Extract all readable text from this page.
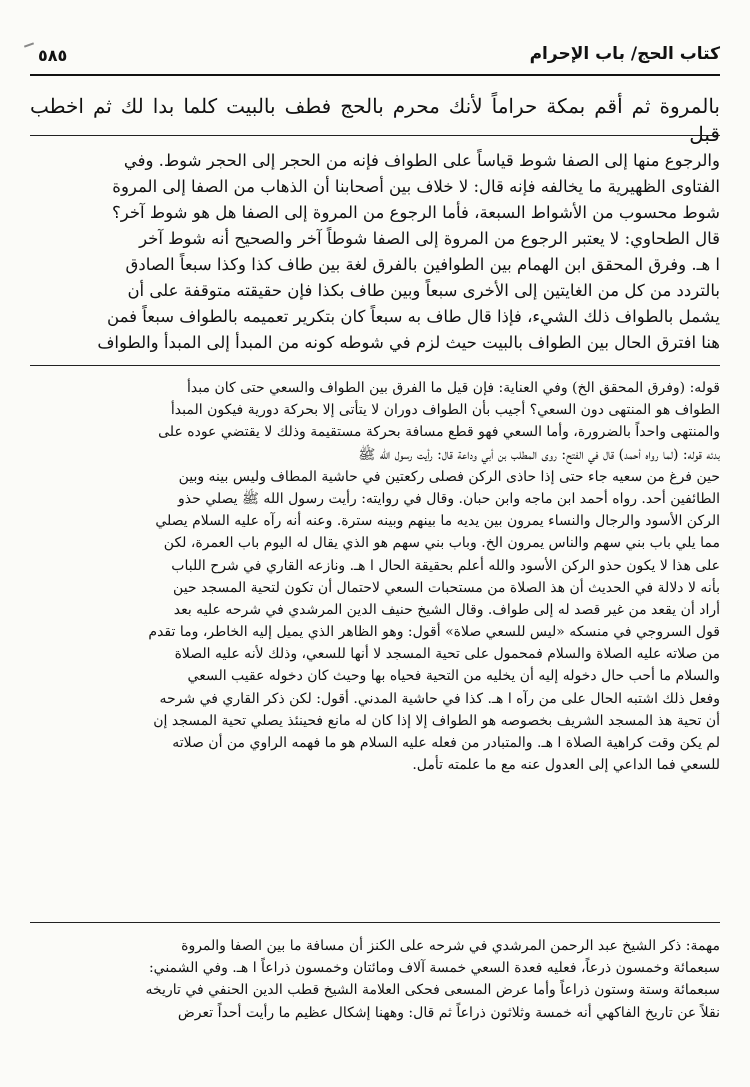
٥٨٥	كتاب الحج/ باب الإحرام
بالمروة ثم أقم بمكة حراماً لأنك محرم بالحج فطف بالبيت كلما بدا لك ثم اخطب قبل
والرجوع منها إلى الصفا شوط قياساً على الطواف فإنه من الحجر إلى الحجر شوط. وفي
الفتاوى الظهيرية ما يخالفه فإنه قال: لا خلاف بين أصحابنا أن الذهاب من الصفا إلى المروة
شوط محسوب من الأشواط السبعة، فأما الرجوع من المروة إلى الصفا هل هو شوط آخر؟
قال الطحاوي: لا يعتبر الرجوع من المروة إلى الصفا شوطاً آخر والصحيح أنه شوط آخر
ا هـ. وفرق المحقق ابن الهمام بين الطوافين بالفرق لغة بين طاف كذا وكذا سبعاً الصادق
بالتردد من كل من الغايتين إلى الأخرى سبعاً وبين طاف بكذا فإن حقيقته متوقفة على أن
يشمل بالطواف ذلك الشيء، فإذا قال طاف به سبعاً كان بتكرير تعميمه بالطواف سبعاً فمن
هنا افترق الحال بين الطواف بالبيت حيث لزم في شوطه كونه من المبدأ إلى المبدأ والطواف
قوله: (وفرق المحقق الخ) وفي العناية: فإن قيل ما الفرق بين الطواف والسعي حتى كان مبدأ
الطواف هو المنتهى دون السعي؟ أجيب بأن الطواف دوران لا يتأتى إلا بحركة دورية فيكون المبدأ
والمنتهى واحداً بالضرورة، وأما السعي فهو قطع مسافة بحركة مستقيمة وذلك لا يقتضي عوده على
بدئه قوله: (لما رواه أحمد) قال في الفتح: روى المطلب بن أبي وداعة قال: رأيت رسول الله ﷺ
حين فرغ من سعيه جاء حتى إذا حاذى الركن فصلى ركعتين في حاشية المطاف وليس بينه وبين
الطائفين أحد. رواه أحمد ابن ماجه وابن حبان. وقال في روايته: رأيت رسول الله ﷺ يصلي حذو
الركن الأسود والرجال والنساء يمرون بين يديه ما بينهم وبينه سترة. وعنه أنه رآه عليه السلام يصلي
مما يلي باب بني سهم والناس يمرون الخ. وباب بني سهم هو الذي يقال له اليوم باب العمرة، لكن
على هذا لا يكون حذو الركن الأسود والله أعلم بحقيقة الحال ا هـ. ونازعه القاري في شرح اللباب
بأنه لا دلالة في الحديث أن هذ الصلاة من مستحبات السعي لاحتمال أن تكون لتحية المسجد حين
أراد أن يقعد من غير قصد له إلى طواف. وقال الشيخ حنيف الدين المرشدي في شرحه عليه بعد
قول السروجي في منسكه «ليس للسعي صلاة» أقول: وهو الظاهر الذي يميل إليه الخاطر، وما تقدم
من صلاته عليه الصلاة والسلام فمحمول على تحية المسجد لا أنها للسعي، وذلك لأنه عليه الصلاة
والسلام ما أحب حال دخوله إليه أن يخليه من التحية فحياه بها وحيث كان دخوله عقيب السعي
وفعل ذلك اشتبه الحال على من رآه ا هـ. كذا في حاشية المدني. أقول: لكن ذكر القاري في شرحه
أن تحية هذ المسجد الشريف بخصوصه هو الطواف إلا إذا كان له مانع فحينئذ يصلي تحية المسجد إن
لم يكن وقت كراهية الصلاة ا هـ. والمتبادر من فعله عليه السلام هو ما فهمه الراوي من أن صلاته
للسعي فما الداعي إلى العدول عنه مع ما علمته تأمل.
مهمة: ذكر الشيخ عبد الرحمن المرشدي في شرحه على الكنز أن مسافة ما بين الصفا والمروة
سبعمائة وخمسون ذرعاً، فعليه فعدة السعي خمسة آلاف ومائتان وخمسون ذراعاً ا هـ. وفي الشمني:
سبعمائة وستة وستون ذراعاً وأما عرض المسعى فحكى العلامة الشيخ قطب الدين الحنفي في تاريخه
نقلاً عن تاريخ الفاكهي أنه خمسة وثلاثون ذراعاً ثم قال: وههنا إشكال عظيم ما رأيت أحداً تعرض
